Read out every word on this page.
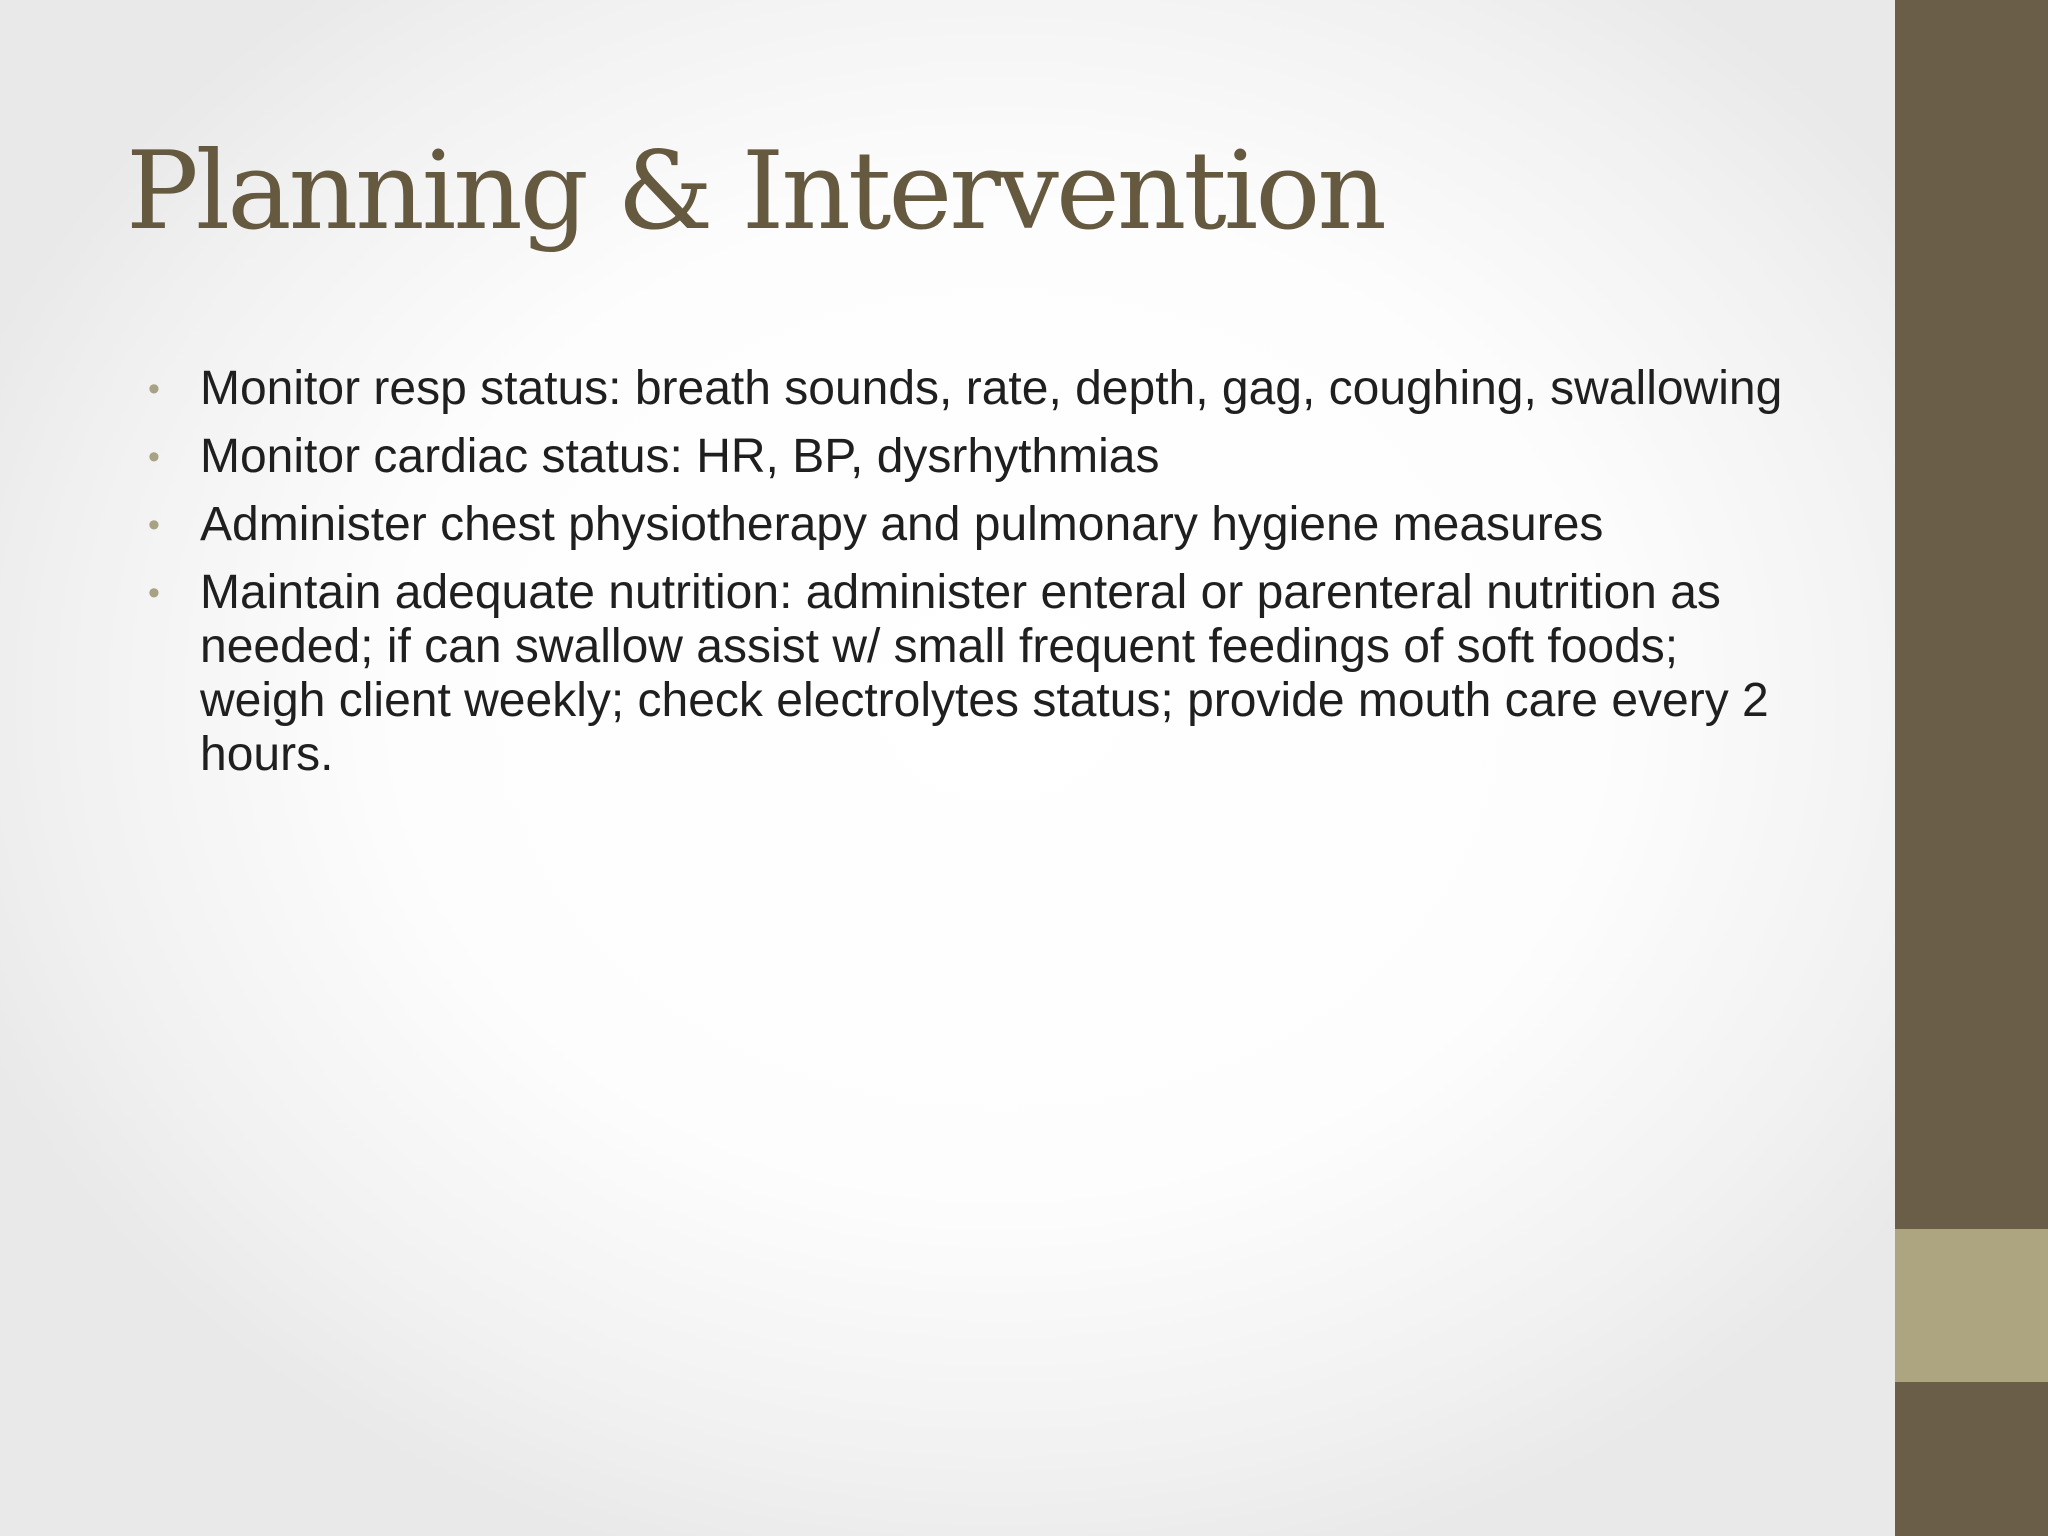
Planning & Intervention
• Monitor resp status: breath sounds, rate, depth, gag, coughing, swallowing
• Monitor cardiac status: HR, BP, dysrhythmias
• Administer chest physiotherapy and pulmonary hygiene measures
• Maintain adequate nutrition: administer enteral or parenteral nutrition as needed; if can swallow assist w/ small frequent feedings of soft foods; weigh client weekly; check electrolytes status; provide mouth care every 2 hours.
